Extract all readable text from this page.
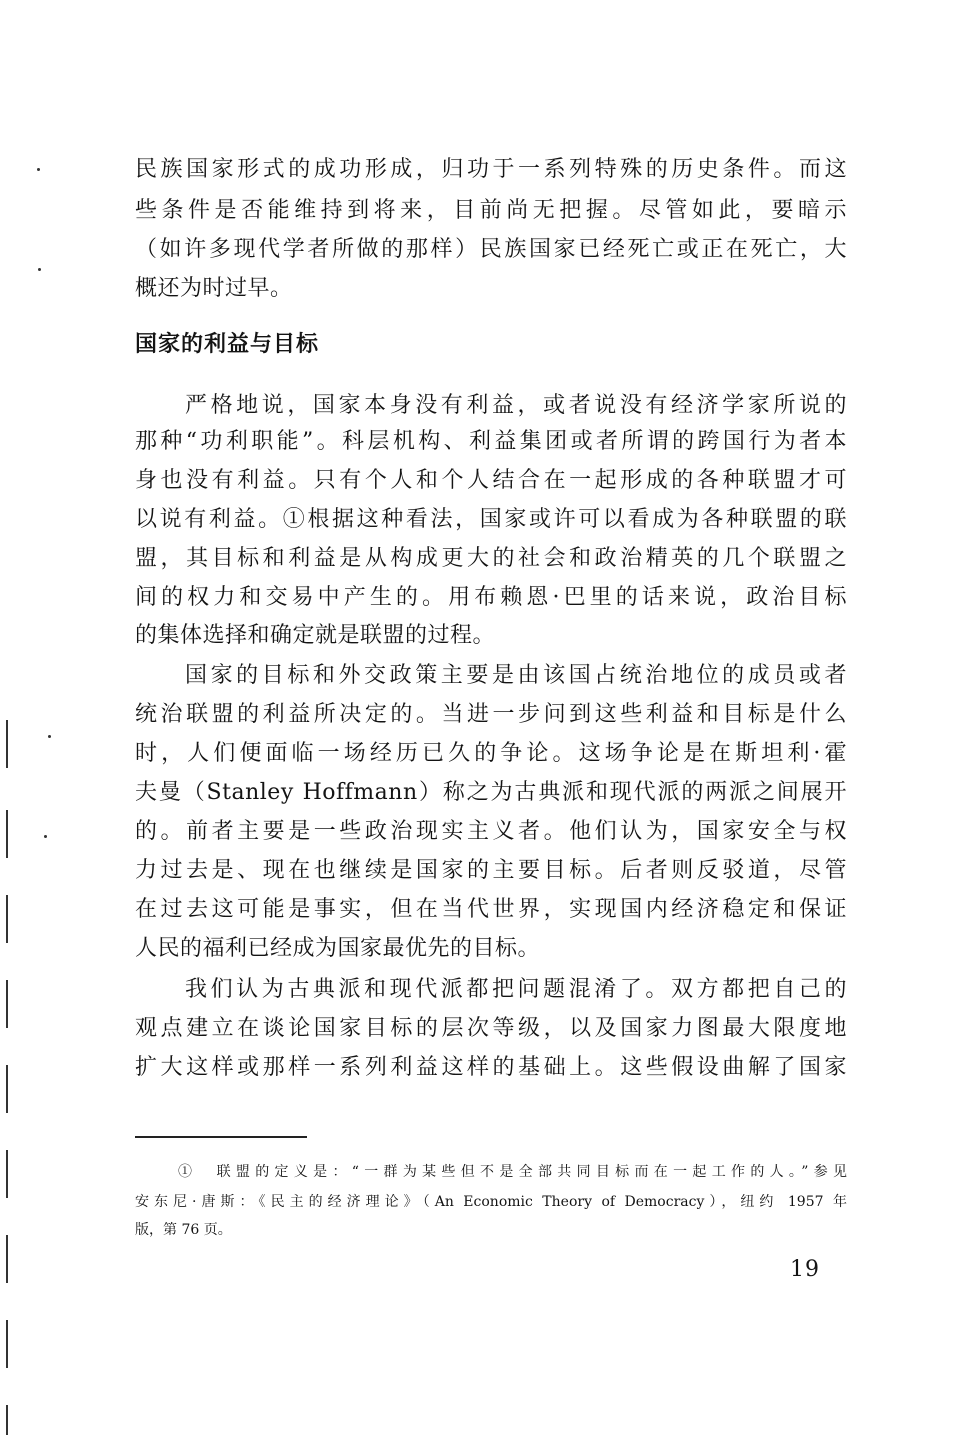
民族国家形式的成功形成，归功于一系列特殊的历史条件。而这
些条件是否能维持到将来，目前尚无把握。尽管如此，要暗示
（如许多现代学者所做的那样）民族国家已经死亡或正在死亡，大
概还为时过早。
国家的利益与目标
严格地说，国家本身没有利益，或者说没有经济学家所说的
那种“功利职能”。科层机构、利益集团或者所谓的跨国行为者本
身也没有利益。只有个人和个人结合在一起形成的各种联盟才可
以说有利益。①根据这种看法，国家或许可以看成为各种联盟的联
盟，其目标和利益是从构成更大的社会和政治精英的几个联盟之
间的权力和交易中产生的。用布赖恩·巴里的话来说，政治目标
的集体选择和确定就是联盟的过程。
国家的目标和外交政策主要是由该国占统治地位的成员或者
统治联盟的利益所决定的。当进一步问到这些利益和目标是什么
时，人们便面临一场经历已久的争论。这场争论是在斯坦利·霍
夫曼（Stanley Hoffmann）称之为古典派和现代派的两派之间展开
的。前者主要是一些政治现实主义者。他们认为，国家安全与权
力过去是、现在也继续是国家的主要目标。后者则反驳道，尽管
在过去这可能是事实，但在当代世界，实现国内经济稳定和保证
人民的福利已经成为国家最优先的目标。
我们认为古典派和现代派都把问题混淆了。双方都把自己的
观点建立在谈论国家目标的层次等级，以及国家力图最大限度地
扩大这样或那样一系列利益这样的基础上。这些假设曲解了国家
①　联盟的定义是：“一群为某些但不是全部共同目标而在一起工作的人。”参见
安东尼·唐斯：《民主的经济理论》（An Economic Theory of Democracy），纽约 1957 年
版，第 76 页。
19
